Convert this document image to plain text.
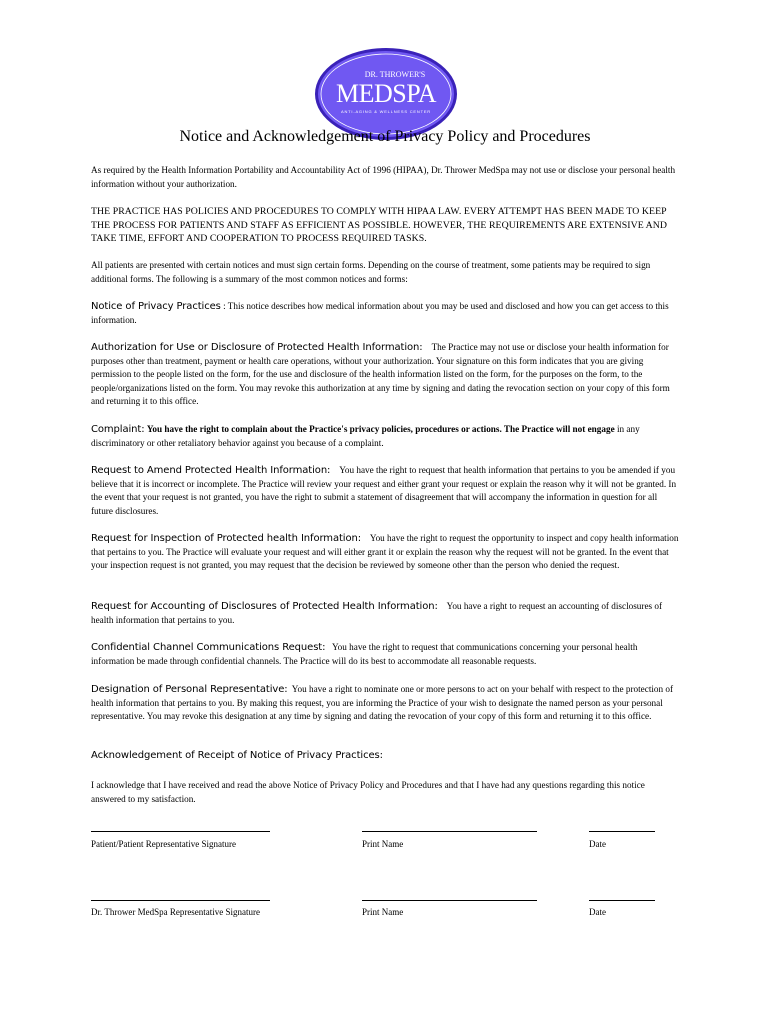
DR. THROWER'S
MEDSPA
ANTI-AGING & WELLNESS CENTER
Notice and Acknowledgement of Privacy Policy and Procedures
As required by the Health Information Portability and Accountability Act of 1996 (HIPAA), Dr. Thrower MedSpa may not use or disclose your personal health information without your authorization.
THE PRACTICE HAS POLICIES AND PROCEDURES TO COMPLY WITH HIPAA LAW. EVERY ATTEMPT HAS BEEN MADE TO KEEP THE PROCESS FOR PATIENTS AND STAFF AS EFFICIENT AS POSSIBLE. HOWEVER, THE REQUIREMENTS ARE EXTENSIVE AND TAKE TIME, EFFORT AND COOPERATION TO PROCESS REQUIRED TASKS.
All patients are presented with certain notices and must sign certain forms. Depending on the course of treatment, some patients may be required to sign additional forms. The following is a summary of the most common notices and forms:
Notice of Privacy Practices : This notice describes how medical information about you may be used and disclosed and how you can get access to this information.
Authorization for Use or Disclosure of Protected Health Information: The Practice may not use or disclose your health information for purposes other than treatment, payment or health care operations, without your authorization. Your signature on this form indicates that you are giving permission to the people listed on the form, for the use and disclosure of the health information listed on the form, for the purposes on the form, to the people/organizations listed on the form. You may revoke this authorization at any time by signing and dating the revocation section on your copy of this form and returning it to this office.
Complaint: You have the right to complain about the Practice's privacy policies, procedures or actions. The Practice will not engage in any discriminatory or other retaliatory behavior against you because of a complaint.
Request to Amend Protected Health Information: You have the right to request that health information that pertains to you be amended if you believe that it is incorrect or incomplete. The Practice will review your request and either grant your request or explain the reason why it will not be granted. In the event that your request is not granted, you have the right to submit a statement of disagreement that will accompany the information in question for all future disclosures.
Request for Inspection of Protected health Information: You have the right to request the opportunity to inspect and copy health information that pertains to you. The Practice will evaluate your request and will either grant it or explain the reason why the request will not be granted. In the event that your inspection request is not granted, you may request that the decision be reviewed by someone other than the person who denied the request.
Request for Accounting of Disclosures of Protected Health Information: You have a right to request an accounting of disclosures of health information that pertains to you.
Confidential Channel Communications Request: You have the right to request that communications concerning your personal health information be made through confidential channels. The Practice will do its best to accommodate all reasonable requests.
Designation of Personal Representative: You have a right to nominate one or more persons to act on your behalf with respect to the protection of health information that pertains to you. By making this request, you are informing the Practice of your wish to designate the named person as your personal representative. You may revoke this designation at any time by signing and dating the revocation of your copy of this form and returning it to this office.
Acknowledgement of Receipt of Notice of Privacy Practices:
I acknowledge that I have received and read the above Notice of Privacy Policy and Procedures and that I have had any questions regarding this notice answered to my satisfaction.
Patient/Patient Representative Signature	Print Name	Date
Dr. Thrower MedSpa Representative Signature	Print Name	Date
